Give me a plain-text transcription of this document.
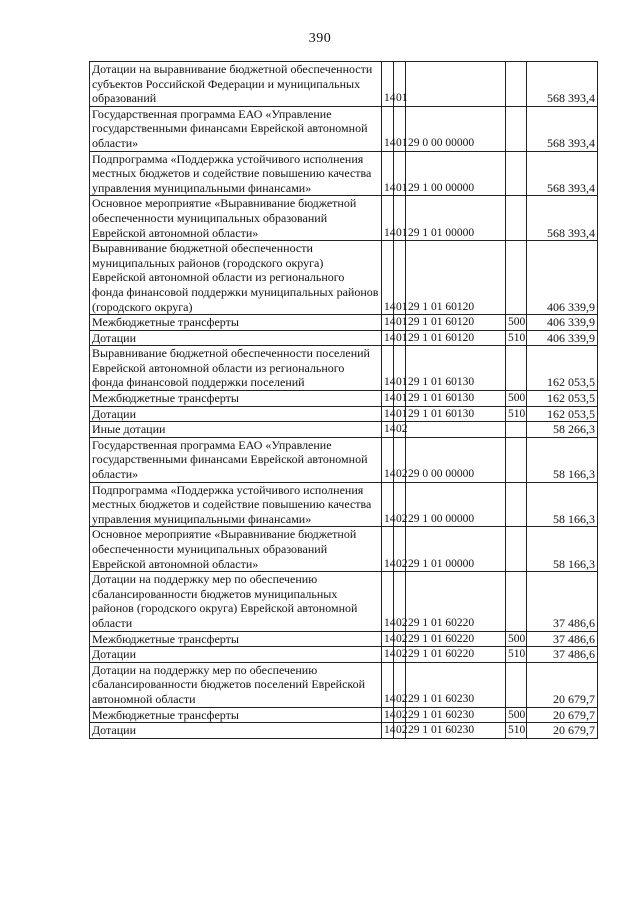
390
Дотации на выравнивание бюджетной обеспеченности субъектов Российской Федерации и муниципальных образований	14	01			568 393,4
Государственная программа ЕАО «Управление государственными финансами Еврейской автономной области»	14	01	29 0 00 00000		568 393,4
Подпрограмма «Поддержка устойчивого исполнения местных бюджетов и содействие повышению качества управления муниципальными финансами»	14	01	29 1 00 00000		568 393,4
Основное мероприятие «Выравнивание бюджетной обеспеченности муниципальных образований Еврейской автономной области»	14	01	29 1 01 00000		568 393,4
Выравнивание бюджетной обеспеченности муниципальных районов (городского округа) Еврейской автономной области из регионального фонда финансовой поддержки муниципальных районов (городского округа)	14	01	29 1 01 60120		406 339,9
Межбюджетные трансферты	14	01	29 1 01 60120	500	406 339,9
Дотации	14	01	29 1 01 60120	510	406 339,9
Выравнивание бюджетной обеспеченности поселений Еврейской автономной области из регионального фонда финансовой поддержки поселений	14	01	29 1 01 60130		162 053,5
Межбюджетные трансферты	14	01	29 1 01 60130	500	162 053,5
Дотации	14	01	29 1 01 60130	510	162 053,5
Иные дотации	14	02			58 266,3
Государственная программа ЕАО «Управление государственными финансами Еврейской автономной области»	14	02	29 0 00 00000		58 166,3
Подпрограмма «Поддержка устойчивого исполнения местных бюджетов и содействие повышению качества управления муниципальными финансами»	14	02	29 1 00 00000		58 166,3
Основное мероприятие «Выравнивание бюджетной обеспеченности муниципальных образований Еврейской автономной области»	14	02	29 1 01 00000		58 166,3
Дотации на поддержку мер по обеспечению сбалансированности бюджетов муниципальных районов (городского округа) Еврейской автономной области	14	02	29 1 01 60220		37 486,6
Межбюджетные трансферты	14	02	29 1 01 60220	500	37 486,6
Дотации	14	02	29 1 01 60220	510	37 486,6
Дотации на поддержку мер по обеспечению сбалансированности бюджетов поселений Еврейской автономной области	14	02	29 1 01 60230		20 679,7
Межбюджетные трансферты	14	02	29 1 01 60230	500	20 679,7
Дотации	14	02	29 1 01 60230	510	20 679,7
